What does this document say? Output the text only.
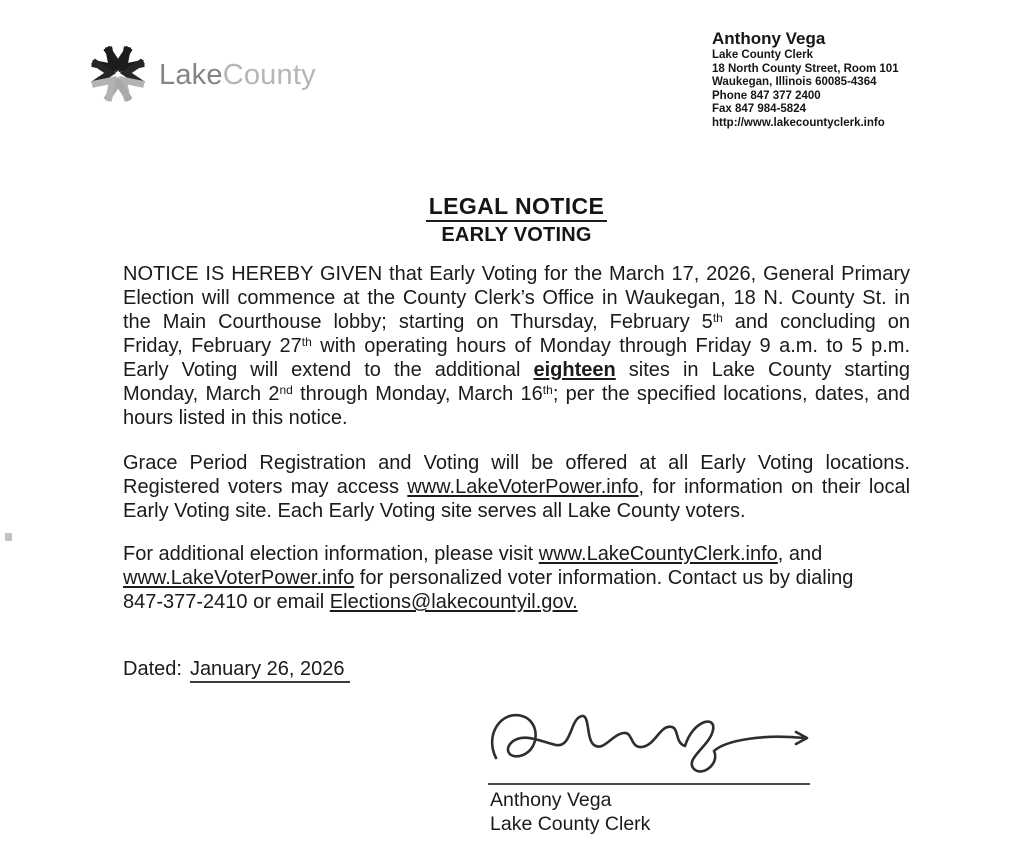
LakeCounty
Anthony Vega
Lake County Clerk
18 North County Street, Room 101
Waukegan, Illinois 60085-4364
Phone 847 377 2400
Fax 847 984-5824
http://www.lakecountyclerk.info
LEGAL NOTICE
EARLY VOTING
NOTICE IS HEREBY GIVEN that Early Voting for the March 17, 2026, General Primary
Election will commence at the County Clerk’s Office in Waukegan, 18 N. County St. in
the Main Courthouse lobby; starting on Thursday, February 5th and concluding on
Friday, February 27th with operating hours of Monday through Friday 9 a.m. to 5 p.m.
Early Voting will extend to the additional eighteen sites in Lake County starting
Monday, March 2nd through Monday, March 16th; per the specified locations, dates, and
hours listed in this notice.
Grace Period Registration and Voting will be offered at all Early Voting locations.
Registered voters may access www.LakeVoterPower.info, for information on their local
Early Voting site. Each Early Voting site serves all Lake County voters.
For additional election information, please visit www.LakeCountyClerk.info, and
www.LakeVoterPower.info for personalized voter information. Contact us by dialing
847-377-2410 or email Elections@lakecountyil.gov.
Dated: January 26, 2026
Anthony Vega
Lake County Clerk
